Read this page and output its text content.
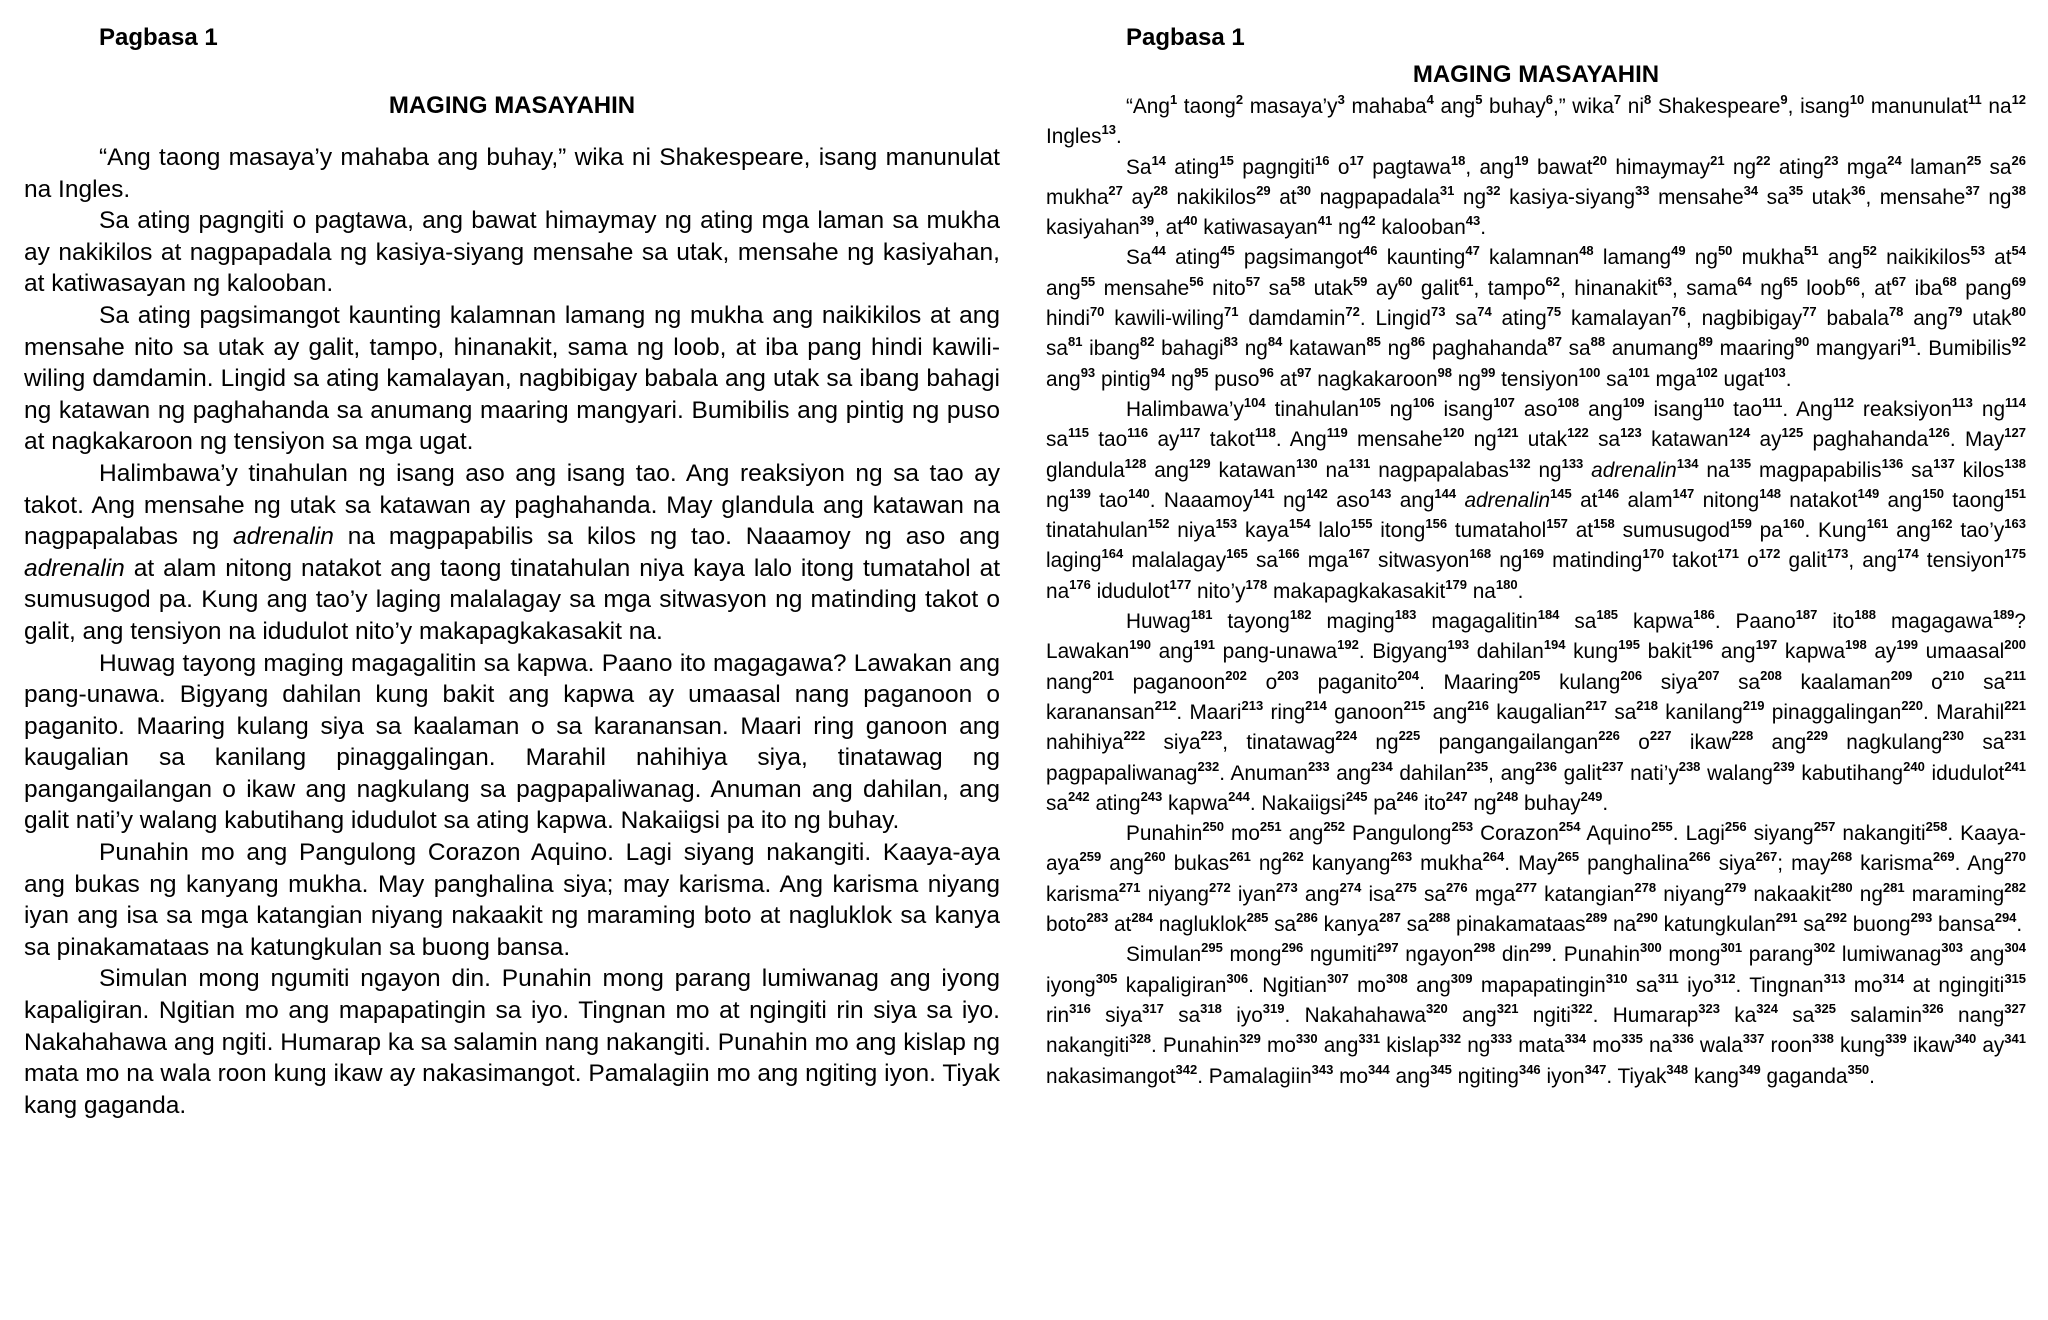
Pagbasa 1

MAGING MASAYAHIN

“Ang taong masaya’y mahaba ang buhay,” wika ni Shakespeare, isang manunulat na Ingles.

Sa ating pagngiti o pagtawa, ang bawat himaymay ng ating mga laman sa mukha ay nakikilos at nagpapadala ng kasiya-siyang mensahe sa utak, mensahe ng kasiyahan, at katiwasayan ng kalooban.

Sa ating pagsimangot kaunting kalamnan lamang ng mukha ang naikikilos at ang mensahe nito sa utak ay galit, tampo, hinanakit, sama ng loob, at iba pang hindi kawili-wiling damdamin. Lingid sa ating kamalayan, nagbibigay babala ang utak sa ibang bahagi ng katawan ng paghahanda sa anumang maaring mangyari. Bumibilis ang pintig ng puso at nagkakaroon ng tensiyon sa mga ugat.

Halimbawa’y tinahulan ng isang aso ang isang tao. Ang reaksiyon ng sa tao ay takot. Ang mensahe ng utak sa katawan ay paghahanda. May glandula ang katawan na nagpapalabas ng adrenalin na magpapabilis sa kilos ng tao. Naaamoy ng aso ang adrenalin at alam nitong natakot ang taong tinatahulan niya kaya lalo itong tumatahol at sumusugod pa. Kung ang tao’y laging malalagay sa mga sitwasyon ng matinding takot o galit, ang tensiyon na idudulot nito’y makapagkakasakit na.

Huwag tayong maging magagalitin sa kapwa. Paano ito magagawa? Lawakan ang pang-unawa. Bigyang dahilan kung bakit ang kapwa ay umaasal nang paganoon o paganito. Maaring kulang siya sa kaalaman o sa karanansan. Maari ring ganoon ang kaugalian sa kanilang pinaggalingan. Marahil nahihiya siya, tinatawag ng pangangailangan o ikaw ang nagkulang sa pagpapaliwanag. Anuman ang dahilan, ang galit nati’y walang kabutihang idudulot sa ating kapwa. Nakaiigsi pa ito ng buhay.

Punahin mo ang Pangulong Corazon Aquino. Lagi siyang nakangiti. Kaaya-aya ang bukas ng kanyang mukha. May panghalina siya; may karisma. Ang karisma niyang iyan ang isa sa mga katangian niyang nakaakit ng maraming boto at nagluklok sa kanya sa pinakamataas na katungkulan sa buong bansa.

Simulan mong ngumiti ngayon din. Punahin mong parang lumiwanag ang iyong kapaligiran. Ngitian mo ang mapapatingin sa iyo. Tingnan mo at ngingiti rin siya sa iyo. Nakahahawa ang ngiti. Humarap ka sa salamin nang nakangiti. Punahin mo ang kislap ng mata mo na wala roon kung ikaw ay nakasimangot. Pamalagiin mo ang ngiting iyon. Tiyak kang gaganda.

Pagbasa 1

MAGING MASAYAHIN

“Ang$^1$ taong$^2$ $masaya’y^3$ mahaba$^4$ ang$^5$ buhay$^6$,” wika$^7$ $ni^8$ Shakespeare$^9$, isang$^{10}$ manunulat$^{11}$ $na^{12}$ Ingles$^{13}$.

Sa$^{14}$ ating$^{15}$ pagngiti$^{16}$ $o^{17}$ pagtawa$^{18}$, ang$^{19}$ bawat$^{20}$ himaymay$^{21}$ $ng^{22}$ ating$^{23}$ mga$^{24}$ laman$^{25}$ $sa^{26}$ mukha$^{27}$ $ay^{28}$ nakikilos$^{29}$ $at^{30}$ nagpapadala$^{31}$ $ng^{32}$ kasiya-siyang$^{33}$ mensahe$^{34}$ $sa^{35}$ utak$^{36}$, mensahe$^{37}$ $ng^{38}$ kasiyahan$^{39}$, $at^{40}$ katiwasayan$^{41}$ $ng^{42}$ kalooban$^{43}$.

Sa$^{44}$ ating$^{45}$ pagsimangot$^{46}$ kaunting$^{47}$ kalamnan$^{48}$ lamang$^{49}$ $ng^{50}$ mukha$^{51}$ ang$^{52}$ naikikilos$^{53}$ $at^{54}$ ang$^{55}$ mensahe$^{56}$ nito$^{57}$ $sa^{58}$ utak$^{59}$ $ay^{60}$ galit$^{61}$, tampo$^{62}$, hinanakit$^{63}$, sama$^{64}$ $ng^{65}$ loob$^{66}$, $at^{67}$ iba$^{68}$ pang$^{69}$ hindi$^{70}$ kawili-wiling$^{71}$ damdamin$^{72}$. Lingid$^{73}$ $sa^{74}$ ating$^{75}$ kamalayan$^{76}$, nagbibigay$^{77}$ babala$^{78}$ ang$^{79}$ utak$^{80}$ $sa^{81}$ ibang$^{82}$ bahagi$^{83}$ $ng^{84}$ katawan$^{85}$ $ng^{86}$ paghahanda$^{87}$ $sa^{88}$ anumang$^{89}$ maaring$^{90}$ mangyari$^{91}$. Bumibilis$^{92}$ ang$^{93}$ pintig$^{94}$ $ng^{95}$ puso$^{96}$ $at^{97}$ nagkakaroon$^{98}$ $ng^{99}$ tensiyon$^{100}$ $sa^{101}$ mga$^{102}$ ugat$^{103}$.

$Halimbawa’y^{104}$ tinahulan$^{105}$ $ng^{106}$ isang$^{107}$ aso$^{108}$ ang$^{109}$ isang$^{110}$ tao$^{111}$. Ang$^{112}$ reaksiyon$^{113}$ $ng^{114}$ $sa^{115}$ tao$^{116}$ $ay^{117}$ takot$^{118}$. Ang$^{119}$ mensahe$^{120}$ $ng^{121}$ utak$^{122}$ $sa^{123}$ katawan$^{124}$ $ay^{125}$ paghahanda$^{126}$. May$^{127}$ glandula$^{128}$ ang$^{129}$ katawan$^{130}$ $na^{131}$ nagpapalabas$^{132}$ $ng^{133}$ adrenalin$^{134}$ $na^{135}$ magpapabilis$^{136}$ $sa^{137}$ kilos$^{138}$ $ng^{139}$ tao$^{140}$. Naaamoy$^{141}$ $ng^{142}$ aso$^{143}$ ang$^{144}$ adrenalin$^{145}$ $at^{146}$ alam$^{147}$ nitong$^{148}$ natakot$^{149}$ ang$^{150}$ taong$^{151}$ tinatahulan$^{152}$ niya$^{153}$ kaya$^{154}$ lalo$^{155}$ itong$^{156}$ tumatahol$^{157}$ $at^{158}$ sumusugod$^{159}$ $pa^{160}$. Kung$^{161}$ ang$^{162}$ $tao’y^{163}$ laging$^{164}$ malalagay$^{165}$ $sa^{166}$ mga$^{167}$ sitwasyon$^{168}$ $ng^{169}$ matinding$^{170}$ takot$^{171}$ $o^{172}$ galit$^{173}$, ang$^{174}$ tensiyon$^{175}$ $na^{176}$ idudulot$^{177}$ $nito’y^{178}$ makapagkakasakit$^{179}$ $na^{180}$.

Huwag$^{181}$ tayong$^{182}$ maging$^{183}$ magagalitin$^{184}$ $sa^{185}$ kapwa$^{186}$. Paano$^{187}$ ito$^{188}$ magagawa$^{189}$? Lawakan$^{190}$ ang$^{191}$ pang-unawa$^{192}$. Bigyang$^{193}$ dahilan$^{194}$ kung$^{195}$ bakit$^{196}$ ang$^{197}$ kapwa$^{198}$ $ay^{199}$ umaasal$^{200}$ nang$^{201}$ paganoon$^{202}$ $o^{203}$ paganito$^{204}$. Maaring$^{205}$ kulang$^{206}$ siya$^{207}$ $sa^{208}$ kaalaman$^{209}$ $o^{210}$ $sa^{211}$ karanansan$^{212}$. Maari$^{213}$ ring$^{214}$ ganoon$^{215}$ ang$^{216}$ kaugalian$^{217}$ $sa^{218}$ kanilang$^{219}$ pinaggalingan$^{220}$. Marahil$^{221}$ nahihiya$^{222}$ siya$^{223}$, tinatawag$^{224}$ $ng^{225}$ pangangailangan$^{226}$ $o^{227}$ ikaw$^{228}$ ang$^{229}$ nagkulang$^{230}$ $sa^{231}$ pagpapaliwanag$^{232}$. Anuman$^{233}$ ang$^{234}$ dahilan$^{235}$, ang$^{236}$ galit$^{237}$ $nati’y^{238}$ walang$^{239}$ kabutihang$^{240}$ idudulot$^{241}$ $sa^{242}$ ating$^{243}$ kapwa$^{244}$. Nakaiigsi$^{245}$ $pa^{246}$ ito$^{247}$ $ng^{248}$ buhay$^{249}$.

Punahin$^{250}$ $mo^{251}$ ang$^{252}$ Pangulong$^{253}$ Corazon$^{254}$ Aquino$^{255}$. Lagi$^{256}$ siyang$^{257}$ nakangiti$^{258}$. Kaaya-aya$^{259}$ ang$^{260}$ bukas$^{261}$ $ng^{262}$ kanyang$^{263}$ mukha$^{264}$. May$^{265}$ panghalina$^{266}$ siya$^{267}$; may$^{268}$ karisma$^{269}$. Ang$^{270}$ karisma$^{271}$ niyang$^{272}$ iyan$^{273}$ ang$^{274}$ isa$^{275}$ $sa^{276}$ mga$^{277}$ katangian$^{278}$ niyang$^{279}$ nakaakit$^{280}$ $ng^{281}$ maraming$^{282}$ boto$^{283}$ $at^{284}$ nagluklok$^{285}$ $sa^{286}$ kanya$^{287}$ $sa^{288}$ pinakamataas$^{289}$ $na^{290}$ katungkulan$^{291}$ $sa^{292}$ buong$^{293}$ bansa$^{294}$.

Simulan$^{295}$ mong$^{296}$ ngumiti$^{297}$ ngayon$^{298}$ din$^{299}$. Punahin$^{300}$ mong$^{301}$ parang$^{302}$ lumiwanag$^{303}$ ang$^{304}$ iyong$^{305}$ kapaligiran$^{306}$. Ngitian$^{307}$ $mo^{308}$ ang$^{309}$ mapapatingin$^{310}$ $sa^{311}$ iyo$^{312}$. Tingnan$^{313}$ $mo^{314}$ at ngingiti$^{315}$ rin$^{316}$ siya$^{317}$ $sa^{318}$ iyo$^{319}$. Nakahahawa$^{320}$ ang$^{321}$ ngiti$^{322}$. Humarap$^{323}$ $ka^{324}$ $sa^{325}$ salamin$^{326}$ nang$^{327}$ nakangiti$^{328}$. Punahin$^{329}$ $mo^{330}$ ang$^{331}$ kislap$^{332}$ $ng^{333}$ mata$^{334}$ $mo^{335}$ $na^{336}$ wala$^{337}$ roon$^{338}$ kung$^{339}$ ikaw$^{340}$ $ay^{341}$ nakasimangot$^{342}$. Pamalagiin$^{343}$ $mo^{344}$ ang$^{345}$ ngiting$^{346}$ iyon$^{347}$. Tiyak$^{348}$ kang$^{349}$ gaganda$^{350}$.
